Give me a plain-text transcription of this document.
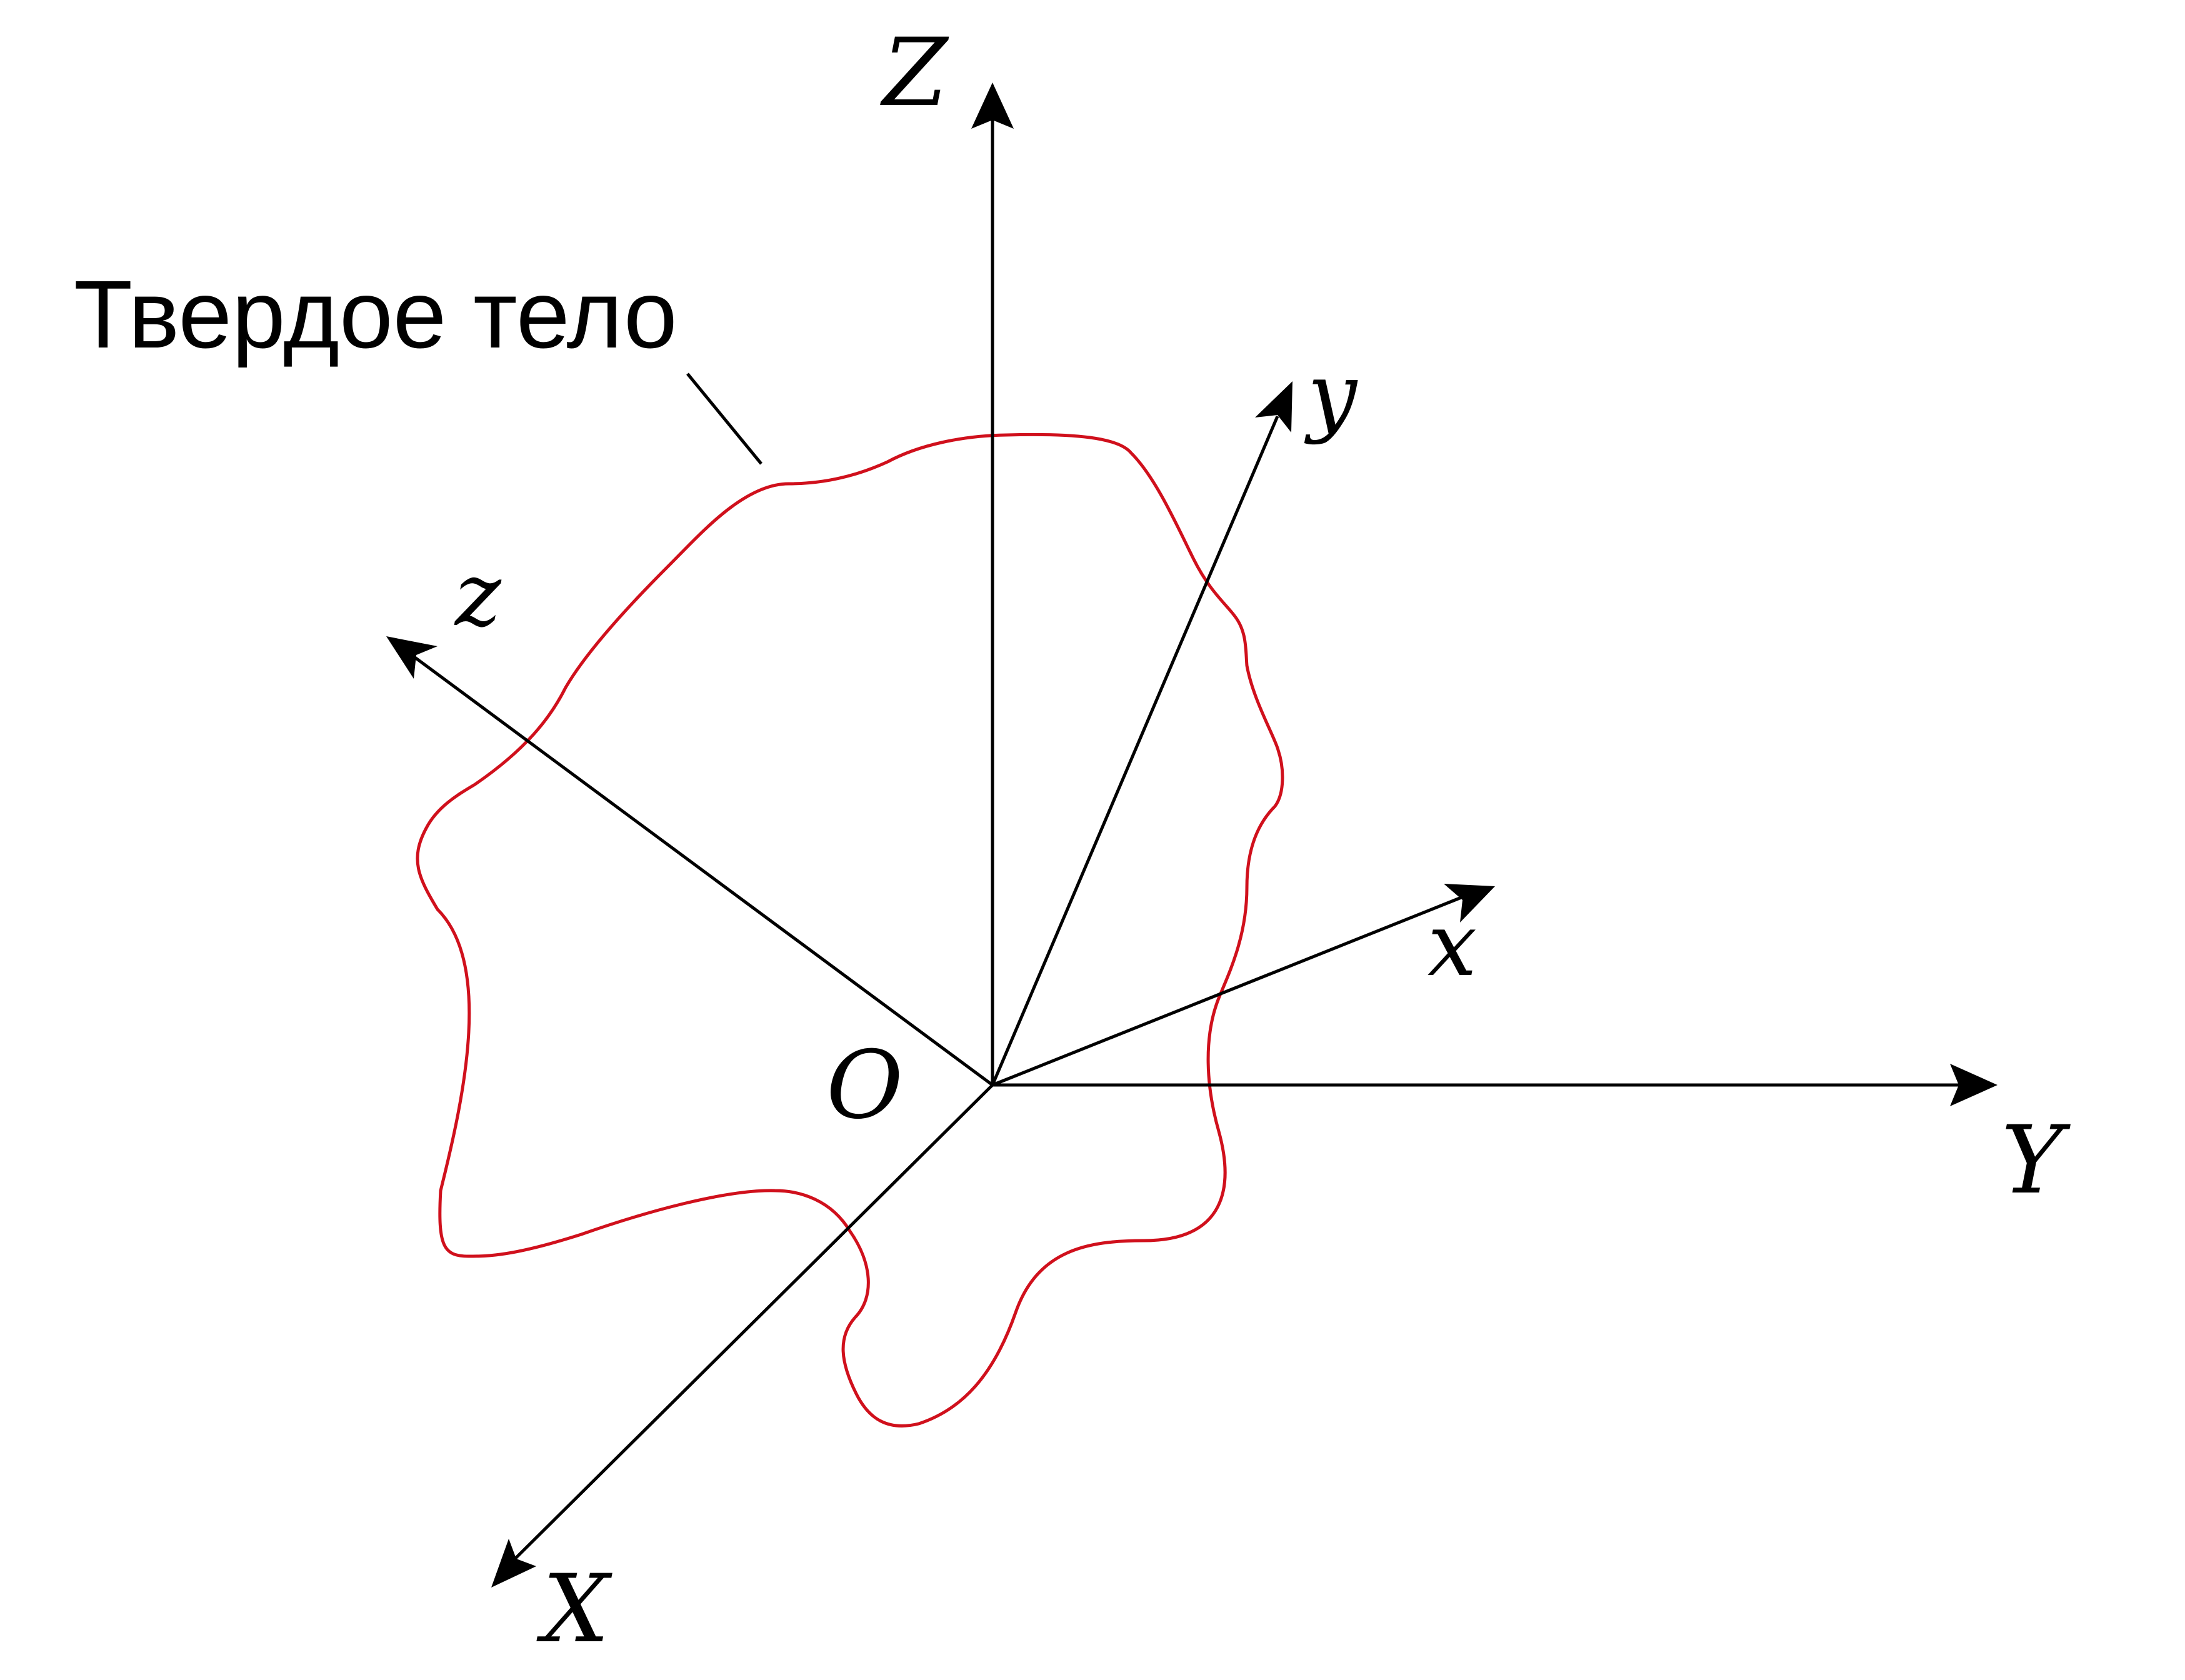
Z
Y
X
y
x
z
O
Твердое тело
